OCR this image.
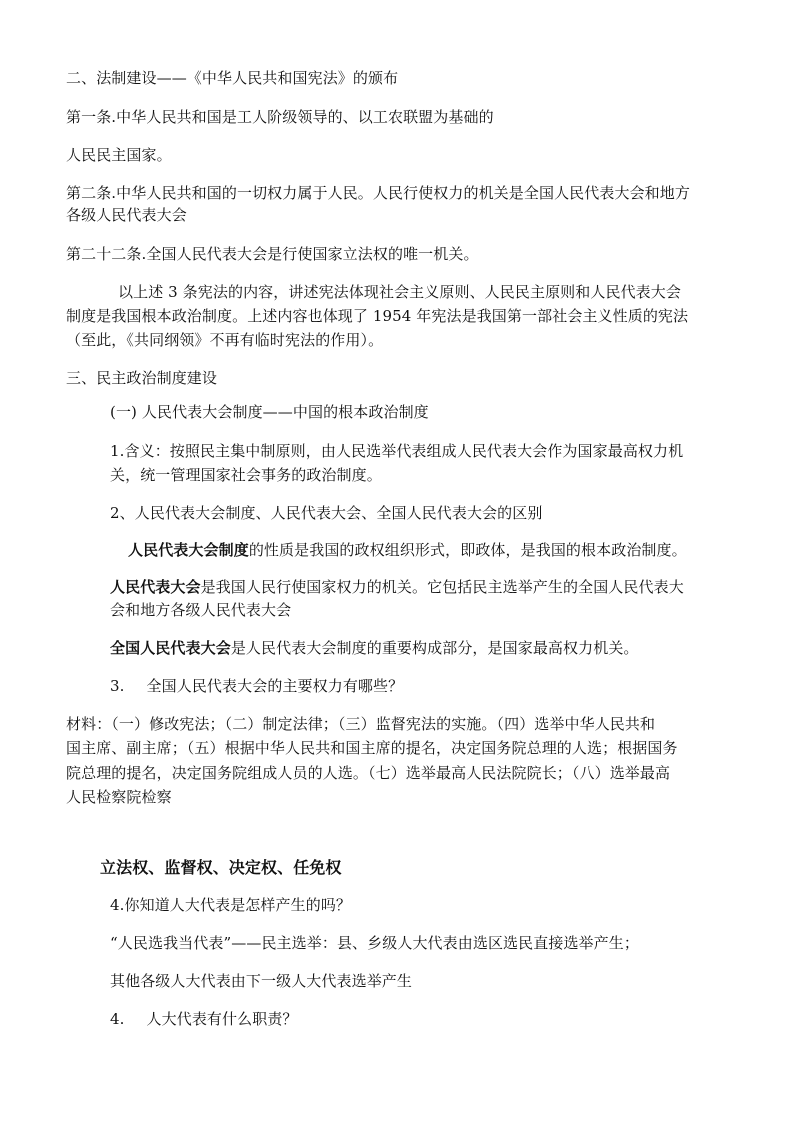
二、法制建设——《中华人民共和国宪法》的颁布
第一条.中华人民共和国是工人阶级领导的、以工农联盟为基础的
人民民主国家。
第二条.中华人民共和国的一切权力属于人民。人民行使权力的机关是全国人民代表大会和地方
各级人民代表大会
第二十二条.全国人民代表大会是行使国家立法权的唯一机关。
以上述 3 条宪法的内容，讲述宪法体现社会主义原则、人民民主原则和人民代表大会
制度是我国根本政治制度。上述内容也体现了 1954 年宪法是我国第一部社会主义性质的宪法
（至此，《共同纲领》不再有临时宪法的作用）。
三、民主政治制度建设
(一) 人民代表大会制度——中国的根本政治制度
1.含义：按照民主集中制原则，由人民选举代表组成人民代表大会作为国家最高权力机
关，统一管理国家社会事务的政治制度。
2、人民代表大会制度、人民代表大会、全国人民代表大会的区别
人民代表大会制度的性质是我国的政权组织形式，即政体，是我国的根本政治制度。
人民代表大会是我国人民行使国家权力的机关。它包括民主选举产生的全国人民代表大
会和地方各级人民代表大会
全国人民代表大会是人民代表大会制度的重要构成部分，是国家最高权力机关。
3. 全国人民代表大会的主要权力有哪些？
材料：（一）修改宪法；（二）制定法律；（三）监督宪法的实施。（四）选举中华人民共和
国主席、副主席；（五）根据中华人民共和国主席的提名，决定国务院总理的人选；根据国务
院总理的提名，决定国务院组成人员的人选。（七）选举最高人民法院院长；（八）选举最高
人民检察院检察
立法权、监督权、决定权、任免权
4.你知道人大代表是怎样产生的吗？
“人民选我当代表”——民主选举：县、乡级人大代表由选区选民直接选举产生；
其他各级人大代表由下一级人大代表选举产生
4. 人大代表有什么职责？
